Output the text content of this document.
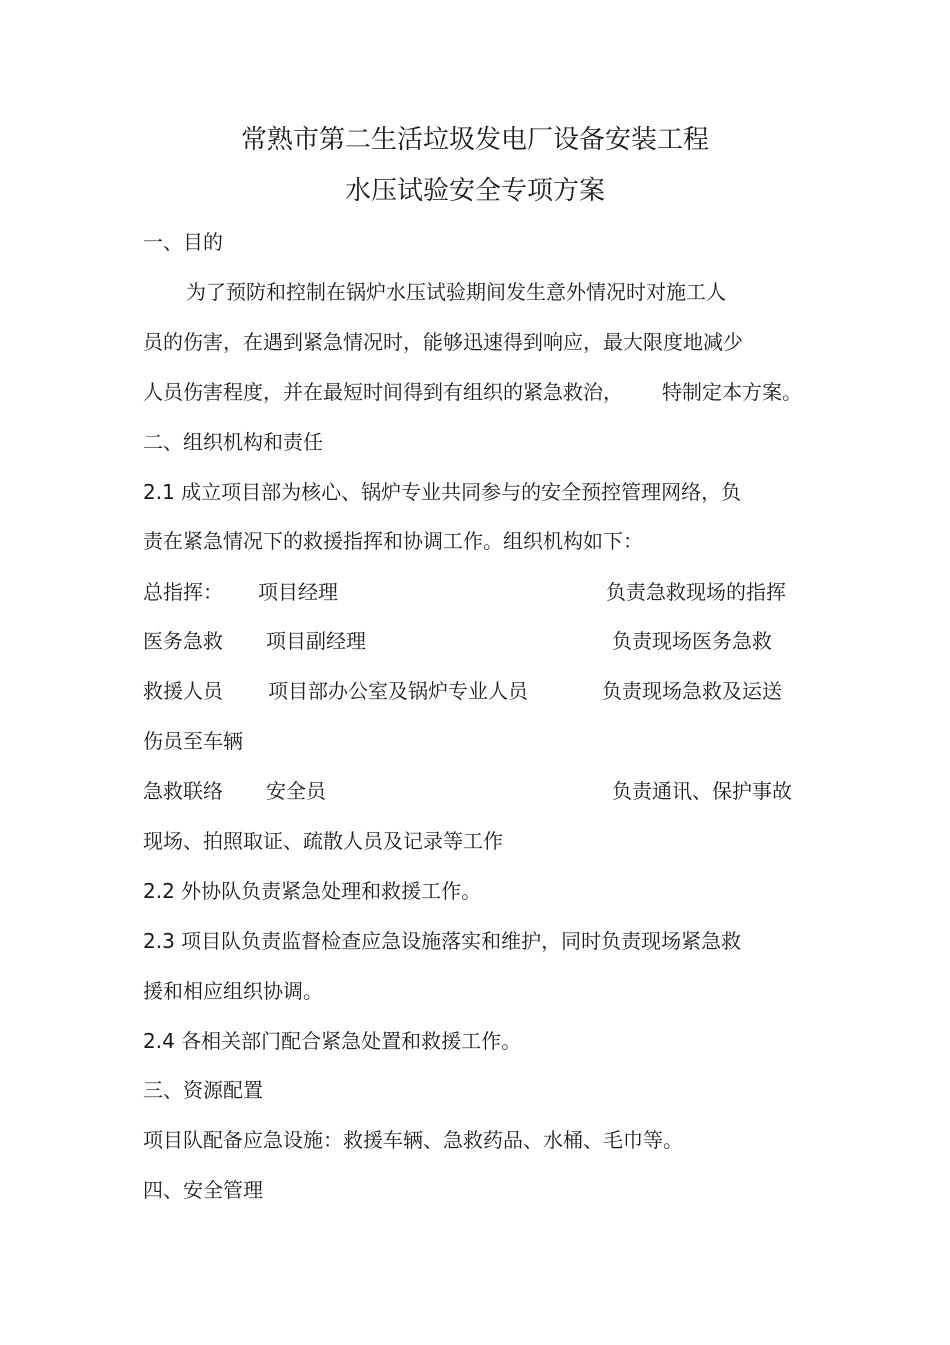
常熟市第二生活垃圾发电厂设备安装工程
水压试验安全专项方案
一、目的
为了预防和控制在锅炉水压试验期间发生意外情况时对施工人
员的伤害，在遇到紧急情况时，能够迅速得到响应，最大限度地减少
人员伤害程度，并在最短时间得到有组织的紧急救治， 特制定本方案。
二、组织机构和责任
2.1 成立项目部为核心、锅炉专业共同参与的安全预控管理网络，负
责在紧急情况下的救援指挥和协调工作。组织机构如下：
总指挥： 项目经理	负责急救现场的指挥
医务急救 项目副经理	负责现场医务急救
救援人员 项目部办公室及锅炉专业人员	负责现场急救及运送
伤员至车辆
急救联络 安全员	负责通讯、保护事故
现场、拍照取证、疏散人员及记录等工作
2.2 外协队负责紧急处理和救援工作。
2.3 项目队负责监督检查应急设施落实和维护，同时负责现场紧急救
援和相应组织协调。
2.4 各相关部门配合紧急处置和救援工作。
三、资源配置
项目队配备应急设施：救援车辆、急救药品、水桶、毛巾等。
四、安全管理
